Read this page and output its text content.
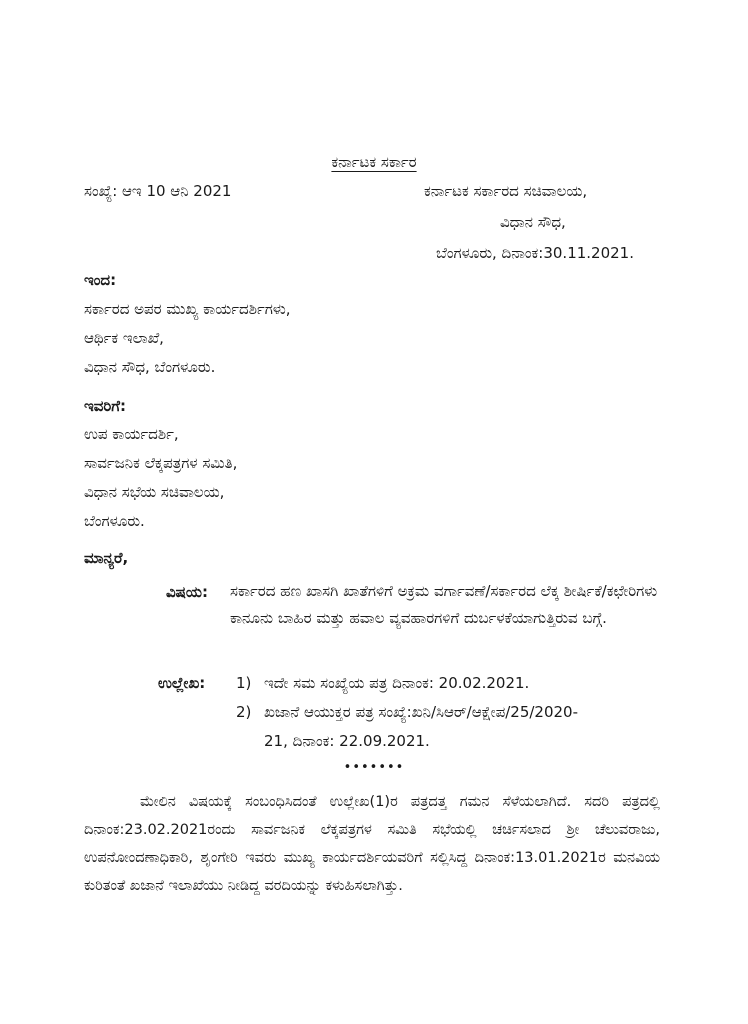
ಕರ್ನಾಟಕ ಸರ್ಕಾರ
ಸಂಖ್ಯೆ: ಆಇ 10 ಆನಿ 2021	ಕರ್ನಾಟಕ ಸರ್ಕಾರದ ಸಚಿವಾಲಯ,
ವಿಧಾನ ಸೌಧ,
ಬೆಂಗಳೂರು, ದಿನಾಂಕ:30.11.2021.
ಇಂದ:
ಸರ್ಕಾರದ ಅಪರ ಮುಖ್ಯ ಕಾರ್ಯದರ್ಶಿಗಳು,
ಆರ್ಥಿಕ ಇಲಾಖೆ,
ವಿಧಾನ ಸೌಧ, ಬೆಂಗಳೂರು.
ಇವರಿಗೆ:
ಉಪ ಕಾರ್ಯದರ್ಶಿ,
ಸಾರ್ವಜನಿಕ ಲೆಕ್ಕಪತ್ರಗಳ ಸಮಿತಿ,
ವಿಧಾನ ಸಭೆಯ ಸಚಿವಾಲಯ,
ಬೆಂಗಳೂರು.
ಮಾನ್ಯರೆ,
ವಿಷಯ: ಸರ್ಕಾರದ ಹಣ ಖಾಸಗಿ ಖಾತೆಗಳಿಗೆ ಅಕ್ರಮ ವರ್ಗಾವಣೆ/ಸರ್ಕಾರದ ಲೆಕ್ಕ ಶೀರ್ಷಿಕೆ/ಕಛೇರಿಗಳು ಕಾನೂನು ಬಾಹಿರ ಮತ್ತು ಹವಾಲ ವ್ಯವಹಾರಗಳಿಗೆ ದುರ್ಬಳಕೆಯಾಗುತ್ತಿರುವ ಬಗ್ಗೆ.
ಉಲ್ಲೇಖ: 1) ಇದೇ ಸಮ ಸಂಖ್ಯೆಯ ಪತ್ರ ದಿನಾಂಕ: 20.02.2021.
2) ಖಜಾನೆ ಆಯುಕ್ತರ ಪತ್ರ ಸಂಖ್ಯೆ:ಖನಿ/ಸಿಆರ್/ಆಕ್ಷೇಪ/25/2020-
21, ದಿನಾಂಕ: 22.09.2021.
•••••••
ಮೇಲಿನ ವಿಷಯಕ್ಕೆ ಸಂಬಂಧಿಸಿದಂತೆ ಉಲ್ಲೇಖ(1)ರ ಪತ್ರದತ್ತ ಗಮನ ಸೆಳೆಯಲಾಗಿದೆ. ಸದರಿ ಪತ್ರದಲ್ಲಿ ದಿನಾಂಕ:23.02.2021ರಂದು ಸಾರ್ವಜನಿಕ ಲೆಕ್ಕಪತ್ರಗಳ ಸಮಿತಿ ಸಭೆಯಲ್ಲಿ ಚರ್ಚಿಸಲಾದ ಶ್ರೀ ಚೆಲುವರಾಜು, ಉಪನೋಂದಣಾಧಿಕಾರಿ, ಶೃಂಗೇರಿ ಇವರು ಮುಖ್ಯ ಕಾರ್ಯದರ್ಶಿಯವರಿಗೆ ಸಲ್ಲಿಸಿದ್ದ ದಿನಾಂಕ:13.01.2021ರ ಮನವಿಯ ಕುರಿತಂತೆ ಖಜಾನೆ ಇಲಾಖೆಯು ನೀಡಿದ್ದ ವರದಿಯನ್ನು ಕಳುಹಿಸಲಾಗಿತ್ತು.
